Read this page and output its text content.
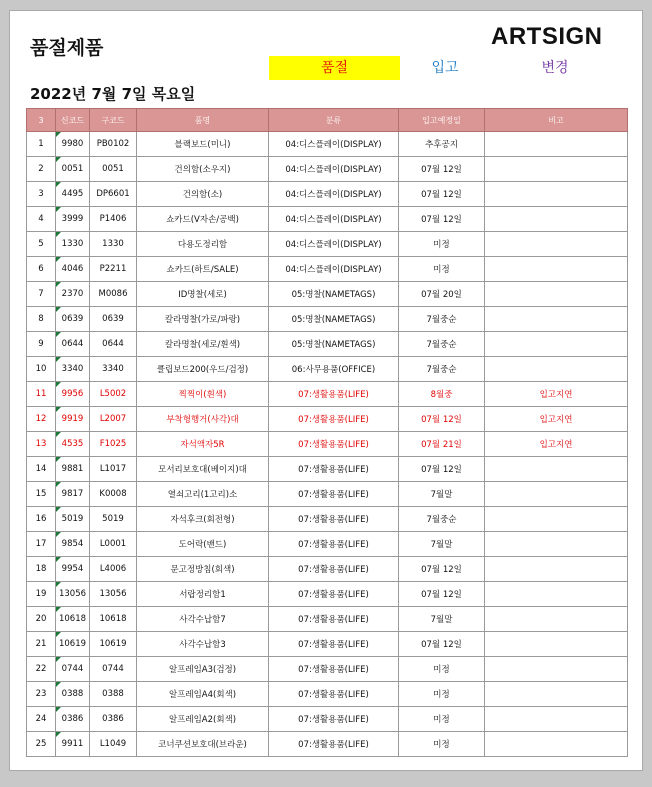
품절제품	ARTSIGN
품절	입고	변경
2022년 7월 7일 목요일
3	신코드	구코드	품명	분류	입고예정일	비고
1	9980	PB0102	블랙보드(미니)	04:디스플레이(DISPLAY)	추후공지	
2	0051	0051	건의함(소우지)	04:디스플레이(DISPLAY)	07월 12일	
3	4495	DP6601	건의함(소)	04:디스플레이(DISPLAY)	07월 12일	
4	3999	P1406	쇼카드(V자손/공백)	04:디스플레이(DISPLAY)	07월 12일	
5	1330	1330	다용도정리함	04:디스플레이(DISPLAY)	미정	
6	4046	P2211	쇼카드(하트/SALE)	04:디스플레이(DISPLAY)	미정	
7	2370	M0086	ID명찰(세로)	05:명찰(NAMETAGS)	07월 20일	
8	0639	0639	칼라명찰(가로/파랑)	05:명찰(NAMETAGS)	7월중순	
9	0644	0644	칼라명찰(세로/흰색)	05:명찰(NAMETAGS)	7월중순	
10	3340	3340	클립보드200(우드/검정)	06:사무용품(OFFICE)	7월중순	
11	9956	L5002	찍찍이(흰색)	07:생활용품(LIFE)	8월중	입고지연
12	9919	L2007	부착형행거(사각)대	07:생활용품(LIFE)	07월 12일	입고지연
13	4535	F1025	자석액자5R	07:생활용품(LIFE)	07월 21일	입고지연
14	9881	L1017	모서리보호대(베이지)대	07:생활용품(LIFE)	07월 12일	
15	9817	K0008	열쇠고리(1고리)소	07:생활용품(LIFE)	7월말	
16	5019	5019	자석후크(회전형)	07:생활용품(LIFE)	7월중순	
17	9854	L0001	도어락(밴드)	07:생활용품(LIFE)	7월말	
18	9954	L4006	문고정방침(회색)	07:생활용품(LIFE)	07월 12일	
19	13056	13056	서랍정리함1	07:생활용품(LIFE)	07월 12일	
20	10618	10618	사각수납함7	07:생활용품(LIFE)	7월말	
21	10619	10619	사각수납함3	07:생활용품(LIFE)	07월 12일	
22	0744	0744	알프레임A3(검정)	07:생활용품(LIFE)	미정	
23	0388	0388	알프레임A4(회색)	07:생활용품(LIFE)	미정	
24	0386	0386	알프레임A2(회색)	07:생활용품(LIFE)	미정	
25	9911	L1049	코너쿠션보호대(브라운)	07:생활용품(LIFE)	미정	
